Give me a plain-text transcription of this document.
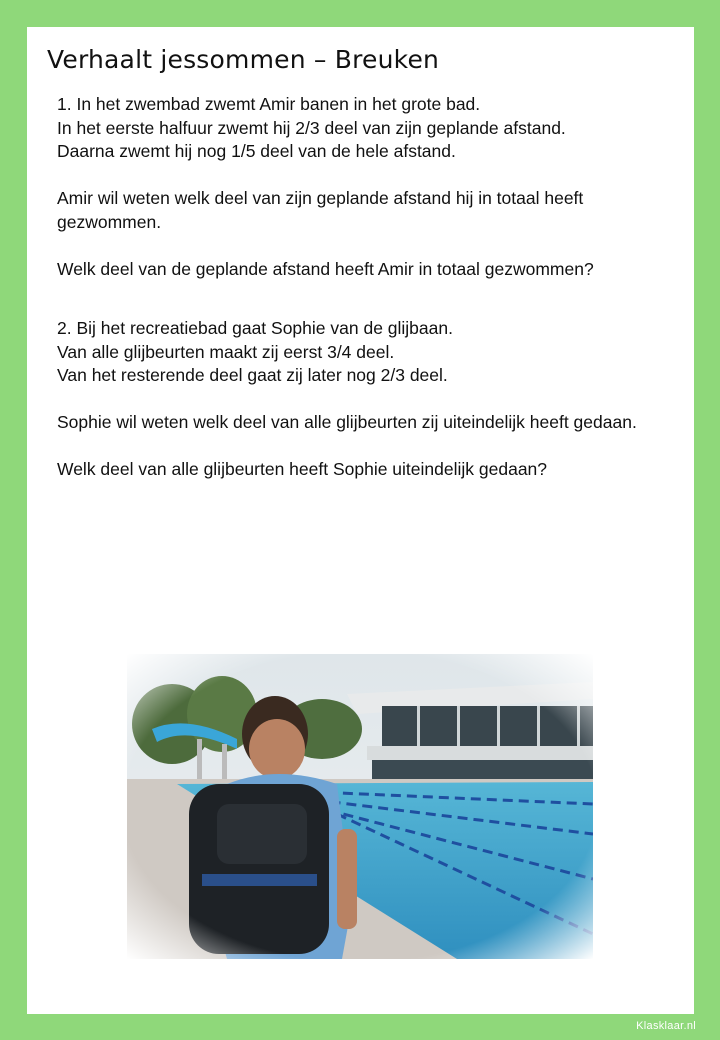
Verhaalt jessommen – Breuken

1. In het zwembad zwemt Amir banen in het grote bad.

In het eerste halfuur zwemt hij 2/3 deel van zijn geplande afstand.

Daarna zwemt hij nog 1/5 deel van de hele afstand.

Amir wil weten welk deel van zijn geplande afstand hij in totaal heeft gezwommen.

Welk deel van de geplande afstand heeft Amir in totaal gezwommen?

2. Bij het recreatiebad gaat Sophie van de glijbaan.

Van alle glijbeurten maakt zij eerst 3/4 deel.

Van het resterende deel gaat zij later nog 2/3 deel.

Sophie wil weten welk deel van alle glijbeurten zij uiteindelijk heeft gedaan.

Welk deel van alle glijbeurten heeft Sophie uiteindelijk gedaan?

Klasklaar.nl
